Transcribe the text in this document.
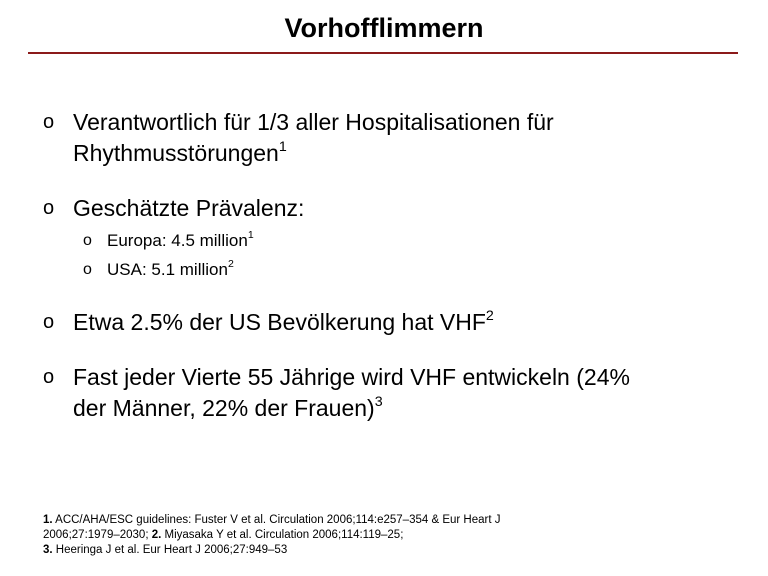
Vorhofflimmern
o Verantwortlich für 1/3 aller Hospitalisationen für
Rhythmusstörungen$^1$
o Geschätzte Prävalenz:
o Europa: 4.5 million$^1$
o USA: 5.1 million$^2$
o Etwa 2.5% der US Bevölkerung hat VHF$^2$
o Fast jeder Vierte 55 Jährige wird VHF entwickeln (24%
der Männer, 22% der Frauen)$^3$
1. ACC/AHA/ESC guidelines: Fuster V et al. Circulation 2006;114:e257–354 & Eur Heart J
2006;27:1979–2030; 2. Miyasaka Y et al. Circulation 2006;114:119–25;
3. Heeringa J et al. Eur Heart J 2006;27:949–53
